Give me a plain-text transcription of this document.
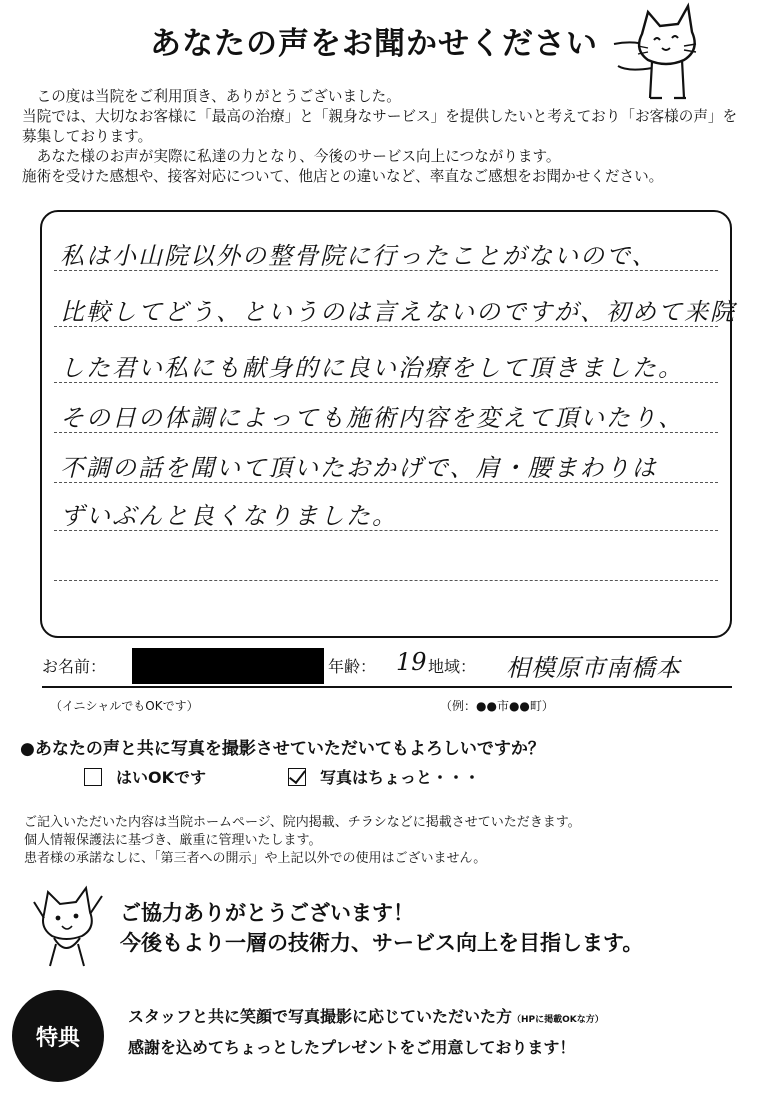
あなたの声をお聞かせください

　この度は当院をご利用頂き、ありがとうございました。

当院では、大切なお客様に「最高の治療」と「親身なサービス」を提供したいと考えており「お客様の声」を募集しております。

　あなた様のお声が実際に私達の力となり、今後のサービス向上につながります。

施術を受けた感想や、接客対応について、他店との違いなど、率直なご感想をお聞かせください。

私は小山院以外の整骨院に行ったことがないので、
比較してどう、というのは言えないのですが、初めて来院
した君い私にも献身的に良い治療をして頂きました。
その日の体調によっても施術内容を変えて頂いたり、
不調の話を聞いて頂いたおかげで、肩・腰まわりは
ずいぶんと良くなりました。
お名前：	年齢： 19 地域： 相模原市南橋本
（イニシャルでもOKです）	（例：●●市●●町）
●あなたの声と共に写真を撮影させていただいてもよろしいですか？
はいOKです	写真はちょっと・・・

ご記入いただいた内容は当院ホームページ、院内掲載、チラシなどに掲載させていただきます。

個人情報保護法に基づき、厳重に管理いたします。

患者様の承諾なしに、「第三者への開示」や上記以外での使用はございません。

ご協力ありがとうございます！

今後もより一層の技術力、サービス向上を目指します。

特典

スタッフと共に笑顔で写真撮影に応じていただいた方（HPに掲載OKな方）

感謝を込めてちょっとしたプレゼントをご用意しております！
